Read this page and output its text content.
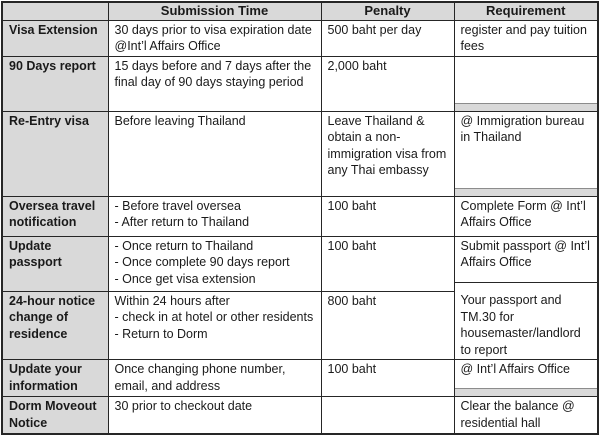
	Submission Time	Penalty	Requirement
Visa Extension	30 days prior to visa expiration date @Int’l Affairs Office	500 baht per day	register and pay tuition fees

90 Days report	15 days before and 7 days after the final day of 90 days staying period	2,000 baht	

Re-Entry visa	Before leaving Thailand	Leave Thailand & obtain a non-immigration visa from any Thai embassy	@ Immigration bureau in Thailand

Oversea travel notification	- Before travel oversea
- After return to Thailand	100 baht	Complete Form @ Int’l Affairs Office

Update passport	- Once return to Thailand
- Once complete 90 days report
- Once get visa extension	100 baht	Submit passport @ Int’l Affairs Office

24-hour notice change of residence	Within 24 hours after
- check in at hotel or other residents
- Return to Dorm	800 baht	Your passport and TM.30 for housemaster/landlord to report

Update your information	Once changing phone number, email, and address	100 baht	@ Int’l Affairs Office

Dorm Moveout Notice	30 prior to checkout date		Clear the balance @ residential hall
